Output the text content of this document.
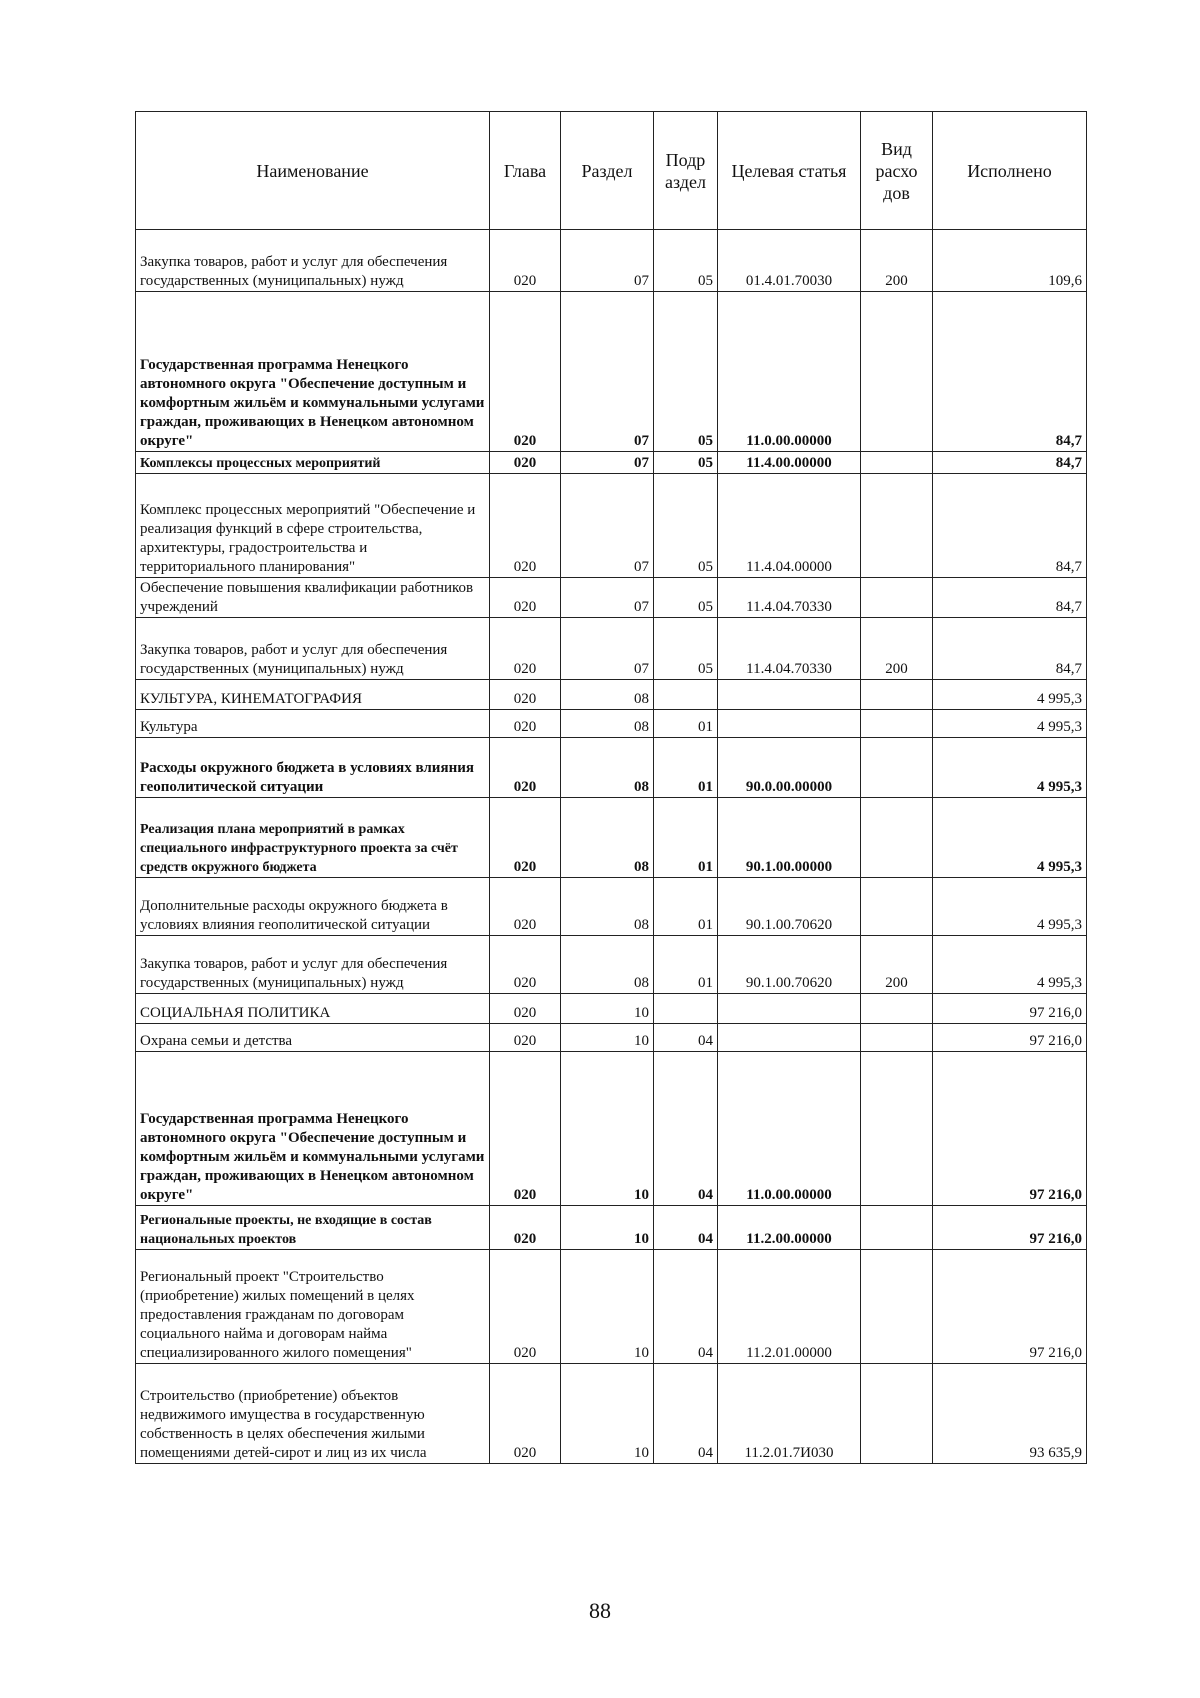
Наименование	Глава	Раздел	Подр аздел	Целевая статья	Вид расхо дов	Исполнено
Закупка товаров, работ и услуг для обеспечения государственных (муниципальных) нужд	020	07	05	01.4.01.70030	200	109,6
Государственная программа Ненецкого автономного округа "Обеспечение доступным и комфортным жильём и коммунальными услугами граждан, проживающих в Ненецком автономном округе"	020	07	05	11.0.00.00000		84,7
Комплексы процессных мероприятий	020	07	05	11.4.00.00000		84,7
Комплекс процессных мероприятий "Обеспечение и реализация функций в сфере строительства, архитектуры, градостроительства и территориального планирования"	020	07	05	11.4.04.00000		84,7
Обеспечение повышения квалификации работников учреждений	020	07	05	11.4.04.70330		84,7
Закупка товаров, работ и услуг для обеспечения государственных (муниципальных) нужд	020	07	05	11.4.04.70330	200	84,7
КУЛЬТУРА, КИНЕМАТОГРАФИЯ	020	08				4 995,3
Культура	020	08	01			4 995,3
Расходы окружного бюджета в условиях влияния геополитической ситуации	020	08	01	90.0.00.00000		4 995,3
Реализация плана мероприятий в рамках специального инфраструктурного проекта за счёт средств окружного бюджета	020	08	01	90.1.00.00000		4 995,3
Дополнительные расходы окружного бюджета в условиях влияния геополитической ситуации	020	08	01	90.1.00.70620		4 995,3
Закупка товаров, работ и услуг для обеспечения государственных (муниципальных) нужд	020	08	01	90.1.00.70620	200	4 995,3
СОЦИАЛЬНАЯ ПОЛИТИКА	020	10				97 216,0
Охрана семьи и детства	020	10	04			97 216,0
Государственная программа Ненецкого автономного округа "Обеспечение доступным и комфортным жильём и коммунальными услугами граждан, проживающих в Ненецком автономном округе"	020	10	04	11.0.00.00000		97 216,0
Региональные проекты, не входящие в состав национальных проектов	020	10	04	11.2.00.00000		97 216,0
Региональный проект "Строительство (приобретение) жилых помещений в целях предоставления гражданам по договорам социального найма и договорам найма специализированного жилого помещения"	020	10	04	11.2.01.00000		97 216,0
Строительство (приобретение) объектов недвижимого имущества в государственную собственность в целях обеспечения жилыми помещениями детей-сирот и лиц из их числа	020	10	04	11.2.01.7И030		93 635,9
88
